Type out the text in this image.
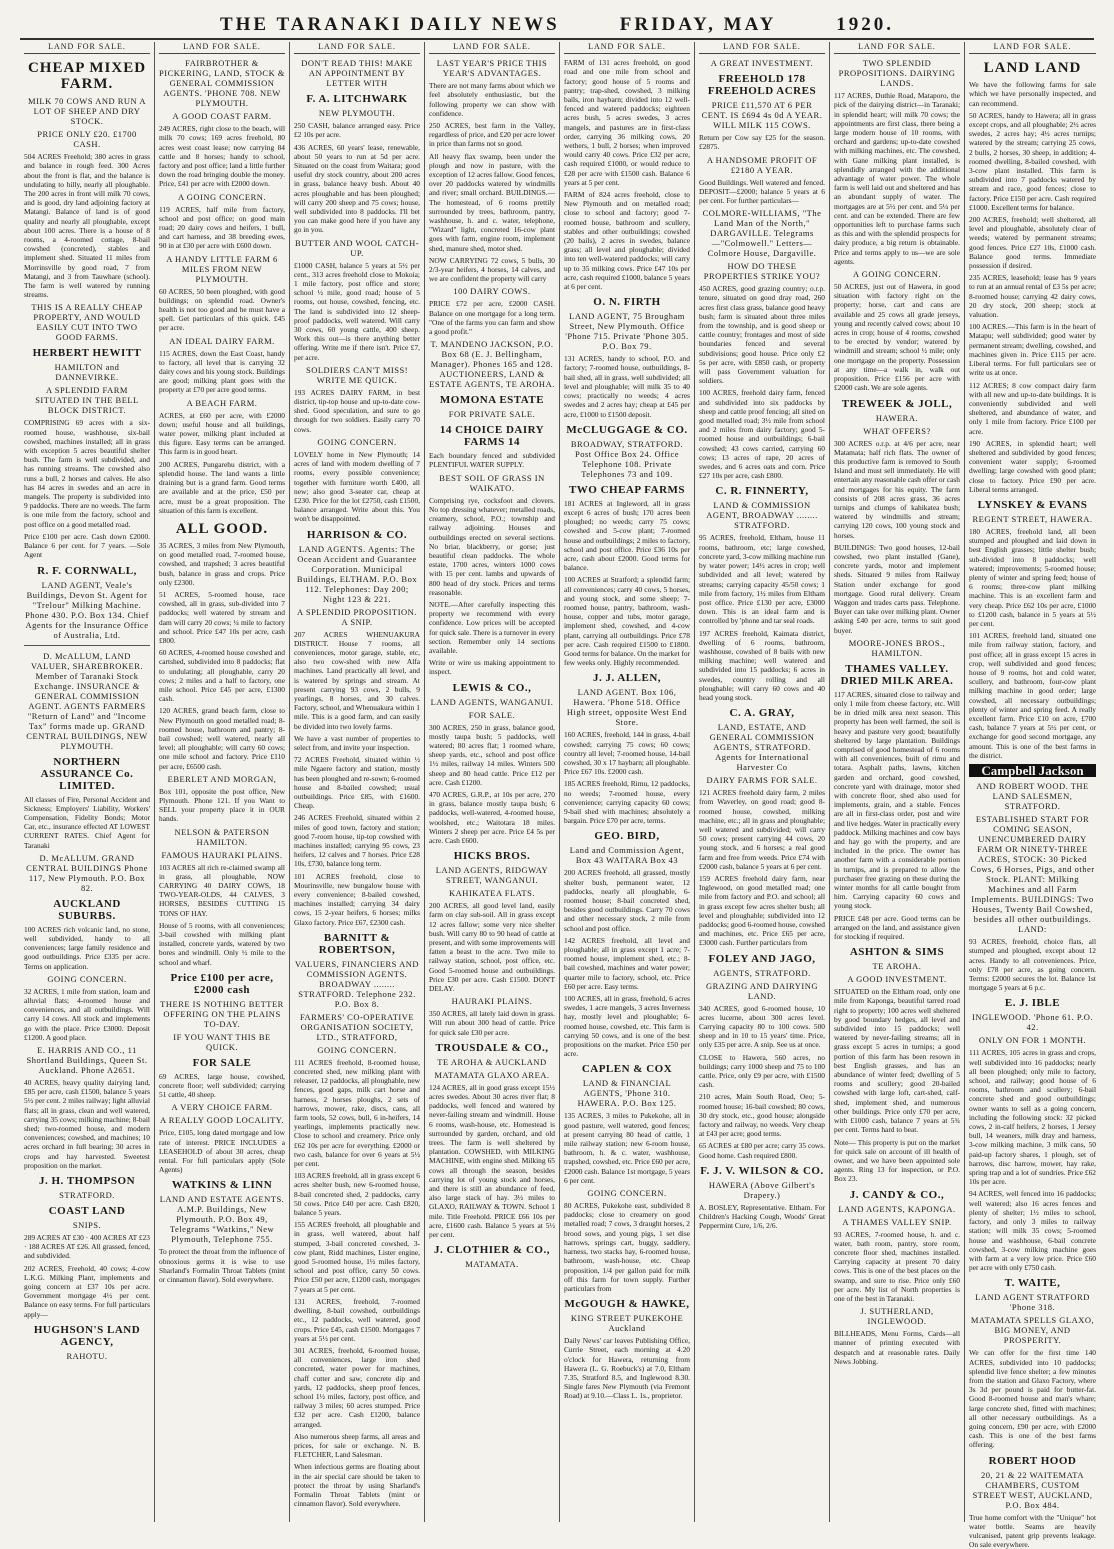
THE TARANAKI DAILY NEWS	FRIDAY, MAY	1920.
LAND FOR SALE.
CHEAP MIXED FARM.
MILK 70 COWS AND RUN A LOT OF SHEEP AND DRY STOCK.
PRICE ONLY £20. £1700 CASH.
504 ACRES Freehold; 380 acres in grass and balance in rough feed. 300 Acres about the front is flat, and the balance is undulating to hilly, nearly all ploughable. The 200 acres in front will milk 70 cows, and is good, dry land adjoining factory at Matangi. Balance of land is of good quality and nearly all ploughable, except about 100 acres. There is a house of 8 rooms, a 4-roomed cottage, 8-bail cowshed (concreted), stables and implement shed. Situated 11 miles from Morrinsville by good road, 7 from Matangi, and 3 from Tauwhare (school). The farm is well watered by running streams.
THIS IS A REALLY CHEAP PROPERTY, AND WOULD EASILY CUT INTO TWO GOOD FARMS.
HERBERT HEWITT
HAMILTON and DANNEVIRKE.
A SPLENDID FARM SITUATED IN THE BELL BLOCK DISTRICT.
COMPRISING 69 acres with a six-roomed house, washhouse, six-bail cowshed, machines installed; all in grass with exception 5 acres beautiful shelter bush. The farm is well subdivided, and has running streams. The cowshed also runs a bull, 2 horses and calves. He also has 84 acres in swedes and an acre in mangels. The property is subdivided into 9 paddocks. There are no weeds. The farm is one mile from the factory, school and post office on a good metalled road.
Price £100 per acre. Cash down £2000. Balance 6 per cent. for 7 years. —Sole Agent
R. F. CORNWALL,
LAND AGENT, Veale's Buildings, Devon St. Agent for "Trelour" Milking Machine. Phone 430. P.O. Box 134. Chief Agents for the Insurance Office of Australia, Ltd.
D. McALLUM, LAND VALUER, SHAREBROKER. Member of Taranaki Stock Exchange. INSURANCE & GENERAL COMMISSION AGENT. AGENTS FARMERS "Return of Land" and "Income Tax" forms made up. GRAND CENTRAL BUILDINGS, NEW PLYMOUTH.
NORTHERN ASSURANCE Co. LIMITED.
All classes of Fire, Personal Accident and Sickness; Employers' Liability, Workers' Compensation, Fidelity Bonds; Motor Car, etc., insurance effected AT LOWEST CURRENT RATES. Chief Agent for Taranaki
D. McALLUM. GRAND CENTRAL BUILDINGS Phone 117, New Plymouth. P.O. Box 82.
AUCKLAND SUBURBS.
100 ACRES rich volcanic land, no stone, well subdivided, handy to all conveniences; large family residence and good outbuildings. Price £335 per acre. Terms on application.
GOING CONCERN.
32 ACRES, 1 mile from station, loam and alluvial flats; 4-roomed house and conveniences, and all outbuildings. Will carry 14 cows. All stock and implements go with the place. Price £3000. Deposit £1200. A good place.
E. HARRIS AND CO., 11 Shortland Buildings, Queen St. Auckland. Phone A2651.
40 ACRES, heavy quality dairying land, £85 per acre, cash £1500, balance 5 years 5½ per cent. 2 miles railway; light alluvial flats; all in grass, clean and well watered, carrying 35 cows; milking machine; 8-bail shed; two-roomed house, and modern conveniences; cowshed, and machines; 10 acres orchard in full bearing; 30 acres in crops and hay harvested. Sweetest proposition on the market.
J. H. THOMPSON
STRATFORD.
COAST LAND
SNIPS.
289 ACRES AT £30 · 400 ACRES AT £23 · 188 ACRES AT £26. All grassed, fenced, and subdivided.
202 ACRES, Freehold, 40 cows; 4-cow L.K.G. Milking Plant, implements and going concern at £37 10s per acre. Government mortgage 4½ per cent. Balance on easy terms. For full particulars apply—
HUGHSON'S LAND AGENCY,
RAHOTU.
LAND FOR SALE.
FAIRBROTHER & PICKERING, LAND, STOCK & GENERAL COMMISSION AGENTS. 'PHONE 708. NEW PLYMOUTH.
A GOOD COAST FARM.
249 ACRES, right close to the beach, will milk 70 cows; 169 acres freehold, 80 acres west coast lease; now carrying 84 cattle and 8 horses; handy to school, factory and post office; land a little further down the road bringing double the money. Price, £41 per acre with £2000 down.
A GOING CONCERN.
119 ACRES, half mile from factory, school and post office; on good main road; 20 dairy cows and heifers, 1 bull, and cart harness, and 38 breeding ewes, 90 in at £30 per acre with £600 down.
A HANDY LITTLE FARM 6 MILES FROM NEW PLYMOUTH.
60 ACRES, 50 been ploughed, with good buildings; on splendid road. Owner's health is not too good and he must have a spell. Get particulars of this quick. £45 per acre.
AN IDEAL DAIRY FARM.
115 ACRES, down the East Coast, handy to factory, all level that is carrying 32 dairy cows and his young stock. Buildings are good; milking plant goes with the property at £70 per acre good terms.
A BEACH FARM.
ACRES, at £60 per acre, with £2000 down; useful house and all buildings, water power, milking plant included at this figure. Easy terms can be arranged. This farm is in good heart.
200 ACRES, Pungarehu district, with a splendid house. The land wants a little draining but is a grand farm. Good terms are available and at the price, £50 per acre, must be a great proposition. The situation of this farm is excellent.
ALL GOOD.
35 ACRES, 3 miles from New Plymouth, on good metalled road, 7-roomed house, cowshed, and trapshed; 3 acres beautiful bush, balance in grass and crops. Price only £2300.
51 ACRES, 5-roomed house, race cowshed, all in grass, sub-divided into 7 paddocks; well watered by stream and dam will carry 20 cows; ¼ mile to factory and school. Price £47 10s per acre, cash £800.
60 ACRES, 4-roomed house cowshed and cartshed, subdivided into 8 paddocks; flat to undulating; all ploughable, carry 20 cows; 2 miles and a half to factory, one mile school. Price £45 per acre, £1300 cash.
120 ACRES, grand beach farm, close to New Plymouth on good metalled road; 8-roomed house, bathroom and pantry; 8-bail cowshed; well watered, nearly all level; all ploughable; will carry 60 cows; one mile school and factory. Price £110 per acre, £6500 cash.
EBERLET AND MORGAN,
Box 101, opposite the post office, New Plymouth. Phone 121. If you Want to SELL your property place it in OUR hands.
NELSON & PATERSON HAMILTON.
FAMOUS HAURAKI PLAINS.
103 ACRES all rich re-claimed swamp all in grass, all ploughable, NOW CARRYING 40 DAIRY COWS, 18 TWO-YEAR-OLDS, 44 CALVES, 3 HORSES, BESIDES CUTTING 15 TONS OF HAY.
House of 5 rooms, with all conveniences; 3-bail cowshed with milking plant installed, concrete yards, watered by two bores and windmill. Only ½ mile to the school and wharf.
Price £100 per acre, £2000 cash
THERE IS NOTHING BETTER OFFERING ON THE PLAINS TO-DAY.
IF YOU WANT THIS BE QUICK.
FOR SALE
69 ACRES, large house, cowshed, concrete floor; well subdivided; carrying 51 cattle, 40 sheep.
A VERY CHOICE FARM.
A REALLY GOOD LOCALITY.
Price, £105, long dated mortgage and low rate of interest. PRICE INCLUDES a LEASEHOLD of about 30 acres, cheap rental. For full particulars apply (Sole Agents)
WATKINS & LINN
LAND AND ESTATE AGENTS. A.M.P. Buildings, New Plymouth. P.O. Box 49, Telegrams "Watkins," New Plymouth, Telephone 755.
To protect the throat from the influence of obnoxious germs it is wise to use Sharland's Formalin Throat Tablets (mint or cinnamon flavor). Sold everywhere.
LAND FOR SALE.
DON'T READ THIS! MAKE AN APPOINTMENT BY LETTER WITH
F. A. LITCHWARK
NEW PLYMOUTH.
250 CASH, balance arranged easy. Price £2 10s per acre.
436 ACRES, 60 years' lease, renewable, about 50 years to run at 5d per acre. Situated on the coast from Waitara; good useful dry stock country, about 200 acres in grass, balance heavy bush. About 40 acres ploughable and has been ploughed; will carry 200 sheep and 75 cows; house, well subdivided into 8 paddocks. I'll bet you can make good here if you have any go in you.
BUTTER AND WOOL CATCH-UP.
£1000 CASH, balance 5 years at 5½ per cent., 313 acres freehold close to Mokoia; 1 mile factory, post office and store; school ½ mile, good road; house of 5 rooms, out house, cowshed, fencing, etc. The land is subdivided into 12 sheep-proof paddocks, well watered. Will carry 30 cows, 60 young cattle, 400 sheep. Work this out—is there anything better offering. Write me if there isn't. Price £7, per acre.
SOLDIERS CAN'T MISS! WRITE ME QUICK.
193 ACRES DAIRY FARM, in best district, tip-top house and up-to-date cow-shed. Good speculation, and sure to go through for two soldiers. Easily carry 70 cows.
GOING CONCERN.
LOVELY home in New Plymouth; 14 acres of land with modern dwelling of 7 rooms, every possible convenience; together with furniture worth £400, all new; also good 3-seater car, cheap at £230. Price for the lot £2750, cash £1500, balance arranged. Write about this. You won't be disappointed.
HARRISON & CO.
LAND AGENTS. Agents: The Ocean Accident and Guarantee Corporation. Municipal Buildings, ELTHAM. P.O. Box 112. Telephones: Day 200; Night 123 & 221.
A SPLENDID PROPOSITION. A SNIP.
207 ACRES WHENUAKURA DISTRICT. House 7 rooms, all conveniences, motor garage, stable, etc, also two cow-shed with new Alfa machines. Land practically all level, and is watered by springs and stream. At present carrying 93 cows, 2 bulls, 9 yearlings, 8 horses, and 30 calves. Factory, school, and Whenuakura within 1 mile. This is a good farm, and can easily be divided into two lovely farms.
We have a vast number of properties to select from, and invite your inspection.
72 ACRES Freehold, situated within ½ mile Ngaere factory and station, mostly has been ploughed and re-sown; 6-roomed house and 8-bailed cowshed; usual outbuildings. Price £85, with £1600. Cheap.
246 ACRES Freehold, situated within 2 miles of good town, factory and station; good 7-room house, tip-top cowshed with machines installed; carrying 95 cows, 23 heifers, 12 calves and 7 horses. Price £28 10s, £730, balance long term.
101 ACRES freehold, close to Mourinsville, new bungalow house with every convenience; 8-bailed cowshed, machines installed; carrying 34 dairy cows, 15 2-year heifers, 6 horses; milks Glaxo factory. Price £67, £2300 cash.
BARNITT & ROBERTSON,
VALUERS, FINANCIERS AND COMMISSION AGENTS. BROADWAY ........ STRATFORD. Telephone 232. P.O. Box 8.
FARMERS' CO-OPERATIVE ORGANISATION SOCIETY, LTD., STRATFORD,
GOING CONCERN.
111 ACRES freehold, 8-roomed house, concreted shed, new milking plant with releaser, 12 paddocks, all ploughable, new fences, good gaps, milk cart horse and harness, 2 horses ploughs, 2 sets of harrows, mower, rake, discs, cans, all farm tools, 52 cows, bull, 6 in-heifers, 14 yearlings, implements practically new. Close to school and creamery. Price only £62 10s per acre for everything. £2000 or two cash, balance for over 6 years at 5½ per cent.
103 ACRES freehold, all in grass except 6 acres shelter bush, new 6-roomed house, 8-bail concreted shed, 2 paddocks, carry 50 cows. Price £40 per acre. Cash £820, balance 5 years.
155 ACRES freehold, all ploughable and in grass, well watered, about half stumped, 3-bail concreted cowshed, 3-cow plant, Ridd machines, Lister engine, good 5-roomed house, 1½ miles factory, school and post office, carry 50 cows. Price £50 per acre, £1200 cash, mortgages 7 years at 5 per cent.
131 ACRES, freehold, 7-roomed dwelling, 8-bail cowshed, outbuildings etc., 12 paddocks, well watered, good crops. Price £45, cash £1500. Mortgages 7 years at 5½ per cent.
301 ACRES, freehold, 6-roomed house, all conveniences, large iron shed concreted, water power for machines, chaff cutter and saw, concrete dip and yards, 12 paddocks, sheep proof fences, school 1½ miles, factory, post office, and railway 3 miles; 60 acres stumped. Price £32 per acre. Cash £1200, balance arranged.
Also numerous sheep farms, all areas and prices, for sale or exchange. N. B. FLETCHER, Land Salesman.
When infectious germs are floating about in the air special care should be taken to protect the throat by using Sharland's Formalin Throat Tablets (mint or cinnamon flavor). Sold everywhere.
LAND FOR SALE.
LAST YEAR'S PRICE THIS YEAR'S ADVANTAGES.
There are not many farms about which we feel absolutely enthusiastic, but the following property we can show with confidence.
250 ACRES, best farm in the Valley, regardless of price, and £20 per acre lower in price than farms not so good.
All heavy flax swamp, been under the plough and now in pasture, with the exception of 12 acres fallow. Good fences, over 20 paddocks watered by windmills and river; small orchard. BUILDINGS.—The homestead, of 6 rooms prettily surrounded by trees, bathroom, pantry, washhouse, h. and c. water, telephone, "Wizard" light, concreted 16-cow plant goes with farm, engine room, implement shed, manure shed, motor shed.
NOW CARRYING 72 cows, 5 bulls, 30 2/3-year heifers, 4 horses, 14 calves, and we are confident the property will carry
100 DAIRY COWS.
PRICE £72 per acre, £2000 CASH. Balance on one mortgage for a long term. "One of the farms you can farm and show a good profit."
T. MANDENO JACKSON, P.O. Box 68 (E. J. Bellingham, Manager). Phones 165 and 128. AUCTIONEERS, LAND & ESTATE AGENTS, TE AROHA.
MOMONA ESTATE
FOR PRIVATE SALE.
14 CHOICE DAIRY FARMS 14
Each boundary fenced and subdivided PLENTIFUL WATER SUPPLY.
BEST SOIL OF GRASS IN WAIKATO.
Comprising rye, cocksfoot and clovers. No top dressing whatever; metalled roads, creamery, school, P.O.; township and railway adjoining. Houses and outbuildings erected on several sections. No briar, blackberry, or gorse; just beautiful clean paddocks. The whole estate, 1700 acres, winters 1000 cows with 15 per cent. lambs and upwards of 800 head of dry stock. Prices and terms reasonable.
NOTE.—After carefully inspecting this property we recommend with every confidence. Low prices will be accepted for quick sale. There is a turnover in every section. Remember only 14 sections available.
Write or wire us making appointment to inspect.
LEWIS & CO.,
LAND AGENTS, WANGANUI.
FOR SALE.
300 ACRES, 250 in grass, balance good, mostly taupa bush; 5 paddocks, well watered; 80 acres flat; 1 roomed whare, sheep yards, etc., school and post office 1½ miles, railway 14 miles. Winters 500 sheep and 80 head cattle. Price £12 per acre. Cash £1200.
470 ACRES, G.R.P., at 10s per acre, 270 in grass, balance mostly taupa bush; 6 paddocks, well-watered, 4-roomed house, woolshed, etc.; Waitotara 18 miles. Winters 2 sheep per acre. Price £4 5s per acre. Cash £600.
HICKS BROS.
LAND AGENTS, RIDGWAY STREET, WANGANUI.
KAHIKATEA FLATS.
200 ACRES, all good level land, easily farm on clay sub-soil. All in grass except 12 acres fallow; some very nice shelter bush. Will carry 80 to 90 head of cattle at present, and with some improvements will fatten a beast to the acre. Two mile to railway station, school, post office, etc. Good 5-roomed house and outbuildings. Price £30 per acre. Cash £1500. DON'T DELAY.
HAURAKI PLAINS.
350 ACRES, all lately laid down in grass. Will run about 300 head of cattle. Price for quick sale £30 per acre.
TROUSDALE & CO.,
TE AROHA & AUCKLAND
MATAMATA GLAXO AREA.
124 ACRES, all in good grass except 15½ acres swedes. About 30 acres river flat; 8 paddocks, well fenced and watered by never-failing stream and windmill. House 6 rooms, wash-house, etc. Homestead is surrounded by garden, orchard, and old trees. The farm is well sheltered by plantation. COWSHED, with MILKING MACHINE, with engine shed. Milking 65 cows all through the season, besides carrying lot of young stock and horses, and there is still an abundance of feed, also large stack of hay. 3½ miles to GLAXO, RAILWAY & TOWN. School 1 mile. Title Freehold. PRICE £66 10s per acre, £1600 cash. Balance 5 years at 5½ per cent.
J. CLOTHIER & CO.,
MATAMATA.
LAND FOR SALE.
FARM of 131 acres freehold, on good road and one mile from school and factory; good house of 5 rooms and pantry; trap-shed, cowshed, 3 milking bails, iron haybarn; divided into 12 well-fenced and watered paddocks; eighteen acres bush, 5 acres swedes, 3 acres mangels, and pastures are in first-class order, carrying 36 milking cows, 20 wethers, 1 bull, 2 horses; when improved would carry 40 cows. Price £32 per acre, cash required £1000, or would reduce to £28 per acre with £1500 cash. Balance 6 years at 5 per cent.
FARM of 824 acres freehold, close to New Plymouth and on metalled road; close to school and factory; good 7-roomed house, bathroom and scullery, stables and other outbuildings; cowshed (20 bails), 2 acres in swedes, balance grass; all level and ploughable; divided into ten well-watered paddocks; will carry up to 35 milking cows. Price £47 10s per acre, cash required £1000, balance 5 years at 6 per cent.
O. N. FIRTH
LAND AGENT, 75 Brougham Street, New Plymouth. Office 'Phone 715. Private 'Phone 305. P.O. Box 79.
131 ACRES, handy to school, P.O. and factory; 7-roomed house, outbuildings, 8-bail shed, all in grass, well subdivided; all level and ploughable; will milk 35 to 40 cows; practically no weeds; 4 acres swedes and 2 acres hay; cheap at £45 per acre, £1000 to £1500 deposit.
McCLUGGAGE & CO.
BROADWAY, STRATFORD. Post Office Box 24. Office Telephone 108. Private Telephones 73 and 109.
TWO CHEAP FARMS
181 ACRES at Ingleword, all in grass except 6 acres of bush; 170 acres been ploughed; no weeds; carry 75 cows; cowshed and 5-cow plant; 7-roomed house and outbuildings; 2 miles to factory, school and post office. Price £36 10s per acre, cash about £2000. Good terms for balance.
100 ACRES at Stratford; a splendid farm; all conveniences; carry 40 cows, 5 horses, and young stock, and some sheep; 7-roomed house, pantry, bathroom, wash-house, copper and tubs, motor garage, implement shed, cowshed, and 4-cow plant, carrying all outbuildings. Price £78 per acre. Cash required £1500 to £1800. Good terms for balance. On the market for few weeks only. Highly recommended.
J. J. ALLEN,
LAND AGENT. Box 106, Hawera. 'Phone 518. Office High street, opposite West End Store.
160 ACRES, freehold, 144 in grass, 4-bail cowshed; carrying 75 cows; 60 cows; country all level; 7-roomed house, 14-bail cowshed, 30 x 17 haybarn; all ploughable. Price £67 10s. £2000 cash.
185 ACRES freehold, Rimu, 12 paddocks, no weeds; 7-roomed house, every convenience; carrying capacity 60 cows; 9-bail shed with machines; absolutely a bargain. Price £70 per acre, terms.
GEO. BIRD,
Land and Commission Agent, Box 43 WAITARA Box 43
200 ACRES freehold, all grassed, mostly shelter bush, permanent water, 12 paddocks, nearly all ploughable, 6-roomed house; 8-bail concreted shed, besides good outbuildings. Carry 70 cows and other necessary stock, 2 mile from school and post office.
142 ACRES freehold, all level and ploughable; all in grass except 1 acre; 7-roomed house, implement shed, etc.; 8-bail cowshed, machines and water power; quarter mile to factory, school, etc. Price £60 per acre. Easy terms.
100 ACRES, all in grass, freehold, 6 acres swedes, 1 acre mangels, 3 acres Inverness hay, mostly level and ploughable; 6-roomed house, cowshed, etc. This farm is carrying 50 cows, and is one of the best propositions on the market. Price £50 per acre.
CAPLEN & COX
LAND & FINANCIAL AGENTS, 'Phone 310. HAWERA. P.O. Box 125.
135 ACRES, 3 miles to Pukekohe, all in good pasture, well watered, good fences; at present carrying 80 head of cattle, 1 mile railway station; new 6-room house, bathroom, h. & c. water, washhouse, trapshed, cowshed, etc. Price £60 per acre, £2000 cash. Balance 1st mortgage, 5 years 6 per cent.
GOING CONCERN.
80 ACRES, Pukekohe east, subdivided 8 paddocks; close to creamery on good metalled road; 7 cows, 3 draught horses, 2 brood sows, and young pigs, 1 set dise harrows, springs cart, buggy, saddlery, harness, two stacks hay, 6-roomed house, bathroom, wash-house, etc. Cheap proposition, 1/4 per gallon paid for milk off this farm for town supply. Further particulars from
McGOUGH & HAWKE,
KING STREET PUKEKOHE Auckland
Daily News' car leaves Publishing Office, Currie Street, each morning at 4.20 o'clock for Hawera, returning from Hawera (L. G. Roebuck's) at 7.0, Eltham 7.35, Stratford 8.5, and Inglewood 8.30. Single fares New Plymouth (via Fremont Road) at 9.10.—Class L. 1s., proprietor.
LAND FOR SALE.
A GREAT INVESTMENT.
FREEHOLD 178 FREEHOLD ACRES
PRICE £11,570 AT 6 PER CENT. IS £694 4s 0d A YEAR. WILL MILK 115 COWS.
Return per Cow say £25 for the season. £2875.
A HANDSOME PROFIT OF £2180 A YEAR.
Good Buildings. Well watered and fenced. DEPOSIT—£2000; balance 5 years at 6 per cent. For further particulars—
COLMORE-WILLIAMS, "The Land Man of the North," DARGAVILLE. Telegrams—"Colmowell." Letters—Colmore House, Dargaville.
HOW DO THESE PROPERTIES STRIKE YOU?
450 ACRES, good grazing country; o.r.p. tenure, situated on good dray road, 260 acres first class grass, balance good heavy bush; farm is situated about three miles from the township, and is good sheep or cattle country; frontages and most of side boundaries fenced and several subdivisions; good house. Price only £2 5s per acre, with £850 cash, or property will pass Government valuation for soldiers.
100 ACRES, freehold dairy farm, fenced and subdivided into six paddocks by sheep and cattle proof fencing; all sited on good metalled road; 3½ mile from school and 2 miles from dairy factory; good 5-roomed house and outbuildings; 6-bail cowshed; 43 cows carried, carrying 60 cows; 13 acres of rape, 20 acres of swedes, and 6 acres oats and corn. Price £27 10s per acre, cash £800.
C. R. FINNERTY,
LAND & COMMISSION AGENT, BROADWAY ........ STRATFORD.
95 ACRES, freehold, Eltham, house 11 rooms, bathroom, etc; large cowshed, concrete yard, 3-cow milking machine run by water power; 14½ acres in crop; well subdivided and all level; watered by streams; carrying capacity 45/50 cows; 1 mile from factory, 1½ miles from Eltham post office. Price £130 per acre, £3000 down. This is an ideal farm and is controlled by 'phone and tar seal roads.
197 ACRES freehold, Kaimata district, dwelling of 6 rooms, bathroom, washhouse, cowshed of 8 bails with new milking machine; well watered and subdivided into 15 paddocks; 6 acres in swedes, country rolling and all ploughable; will carry 60 cows and 40 head young stock.
C. A. GRAY,
LAND, ESTATE, AND GENERAL COMMISSION AGENTS, STRATFORD. Agents for International Harvester Co
DAIRY FARMS FOR SALE.
121 ACRES freehold dairy farm, 2 miles from Waverley, on good road; good 8-roomed house, cowshed, milking machine, etc.; all in grass and ploughable; well watered and subdivided; will carry 50 cows; present carrying 44 cows, 20 young stock, and 6 horses; a real good farm and free from weeds. Price £74 with £2000 cash, balance 5 years at 6 per cent.
159 ACRES freehold dairy farm, near Inglewood, on good metalled road; one mile from factory and P.O. and school; all in grass except few acres shelter bush; all level and ploughable; subdivided into 12 paddocks; good 6-roomed house, cowshed and machines, etc. Price £65 per acre, £3000 cash. Further particulars from
FOLEY AND JAGO,
AGENTS, STRATFORD.
GRAZING AND DAIRYING LAND.
340 ACRES, good 6-roomed house, 10 acres lucerne, about 300 acres level. Carrying capacity 80 to 100 cows. 500 sheep and in 10 to 15 years' time. Price, only £35 per acre. A snip. See us at once.
CLOSE to Hawera, 560 acres, no buildings; carry 1000 sheep and 75 to 100 cattle. Price, only £9 per acre, with £1500 cash.
210 acres, Main South Road, Oeo; 5-roomed house; 16-bail cowshed; 80 cows, 30 dry stock, etc., good house; alongside factory and railway, no weeds. Very cheap at £43 per acre; good terms.
65 ACRES at £80 per acre; carry 35 cows. Good home. Cash required £800.
F. J. V. WILSON & CO.
HAWERA (Above Gilbert's Drapery.)
A. BOSLEY, Representative. Eltham. For Children's Hacking Cough, Woods' Great Peppermint Cure, 1/6, 2/6.
LAND FOR SALE.
TWO SPLENDID PROPOSITIONS. DAIRYING LANDS.
117 ACRES, Duthie Road, Mataporo, the pick of the dairying district—in Taranaki; in splendid heart; will milk 70 cows; the appointments are first class, there being a large modern house of 10 rooms, with orchard and gardens; up-to-date cowshed with milking machines, etc. The cowshed, with Gane milking plant installed, is splendidly arranged with the additional advantage of water power. The whole farm is well laid out and sheltered and has an abundant supply of water. The mortgages are at 5½ per cent. and 5¼ per cent. and can be extended. There are few opportunities left to purchase farms such as this and with the splendid prospects for dairy produce, a big return is obtainable. Price and terms apply to us—we are sole agents.
A GOING CONCERN.
50 ACRES, just out of Hawera, in good situation with factory right on the property; horse, cart and cans are available and 25 cows all grade jerseys, young and recently calved cows; about 10 acres in crop; house of 4 rooms, cowshed to be erected by vendor; watered by windmill and stream; school ½ mile; only one mortgage on the property. Possession at any time—a walk in, walk out proposition. Price £156 per acre with £2000 cash. We are sole agents.
TREWEEK & JOLL,
HAWERA.
WHAT OFFERS?
300 ACRES o.r.p. at 4/6 per acre, near Matamata; half rich flats. The owner of this productive farm is removed to South Island and must sell immediately. He will entertain any reasonable cash offer or cash and mortgages for his equity. The farm consists of 208 acres grass, 36 acres turnips and clumps of kahikatea bush; watered by windmills and stream; carrying 120 cows, 100 young stock and horses.
BUILDINGS: Two good houses, 12-bail cowshed, two plant installed (Gane), concrete yards, motor and implement sheds. Situated 9 miles from Railway Station under exchange for good mortgage. Good rural delivery. Cream Waggon and trades carts pass. Telephone. Buyer can take over milking plant. Owner asking £40 per acre, terms to suit good buyer.
MOORE-JONES BROS., HAMILTON.
THAMES VALLEY. DRIED MILK AREA.
117 ACRES, situated close to railway and only 1 mile from cheese factory, etc. Will be in dried milk area next season. This property has been well farmed, the soil is heavy and pasture very good; beautifully sheltered by large plantation. Buildings comprised of good homestead of 6 rooms with all conveniences, built of rimu and totara. Asphalt paths, lawns, kitchen garden and orchard, good cowshed, concrete yard with drainage, motor shed with concrete floor, shed also used for implements, grain, and a stable. Fences are all in first-class order, post and wire and live hedges. Water in practically every paddock. Milking machines and cow bays and hay go with the property, and are included in the price. The owner has another farm with a considerable portion in turnips, and is prepared to allow the purchaser free grazing on these during the winter months for all cattle bought from him. Carrying capacity 60 cows and young stock.
PRICE £48 per acre. Good terms can be arranged on the land, and assistance given for stocking if required.
ASHTON & SIMS
TE AROHA.
A GOOD INVESTMENT.
SITUATED on the Eltham road, only one mile from Kaponga, beautiful tarred road right to property; 100 acres well sheltered by good boundary hedges, all level and subdivided into 15 paddocks; well watered by never-failing streams; all in grass except 5 acres in turnips; a good portion of this farm has been resown in best English grasses, and has an abundance of winter feed; dwelling of 5 rooms and scullery; good 20-bailed cowshed with large loft, cart-shed, calf-shed, implement shed, and numerous other buildings. Price only £70 per acre, with £1000 cash, balance 7 years at 5¾ per cent. Terms hard to beat.
Note— This property is put on the market for quick sale on account of ill health of owner, and we have been appointed sole agents. Ring 13 for inspection, or P.O. Box 23.
J. CANDY & CO.,
LAND AGENTS, KAPONGA.
A THAMES VALLEY SNIP.
93 ACRES, 7-roomed house, h. and c. water, bath room, pantry, store room, concrete floor shed, machines installed. Carrying capacity at present 70 dairy cows. This is one of the best places on the swamp, and sure to rise. Price only £60 per acre. My list of North properties is one of the best in Taranaki.
J. SUTHERLAND, INGLEWOOD.
BILLHEADS, Menu Forms, Cards—all manner of printing executed with despatch and at reasonable rates. Daily News Jobbing.
LAND FOR SALE.
LAND LAND
We have the following farms for sale which we have personally inspected, and can recommend.
50 ACRES, handy to Hawera; all in grass except crops, and all ploughable; 2½ acres swedes, 2 acres hay; 4½ acres turnips; watered by the stream; carrying 25 cows, 2 bulls, 2 horses, 30 sheep, in addition; 4-roomed dwelling, 8-bailed cowshed, with 3-cow plant installed. This farm is subdivided into 7 paddocks watered by stream and race, good fences; close to factory. Price £150 per acre. Cash required £1000. Excellent terms for balance.
200 ACRES, freehold; well sheltered, all level and ploughable, absolutely clear of weeds; watered by permanent streams; good fences. Price £27 10s, £1000 cash. Balance good terms. Immediate possession if desired.
235 ACRES, leasehold; lease has 9 years to run at an annual rental of £3 5s per acre; 8-roomed house; carrying 42 dairy cows, 20 dry stock, 200 sheep; stock at valuation.
100 ACRES.—This farm is in the heart of Matapu; well subdivided; good water by permanent stream; dwelling, cowshed, and machines given in. Price £115 per acre. Liberal terms. For full particulars see or write us at once.
112 ACRES; 8 cow compact dairy farm with all new and up-to-date buildings. It is conveniently subdivided and well sheltered, and abundance of water, and only 1 mile from factory. Price £100 per acre.
190 ACRES, in splendid heart; well sheltered and subdivided by good fences; convenient water supply; 6-roomed dwelling; large cowshed with good plant; close to factory. Price £90 per acre. Liberal terms arranged.
LYNSKEY & EVANS
REGENT STREET, HAWERA.
180 ACRES, freehold land, all been stumped and ploughed and laid down in best English grasses; little shelter bush; sub-divided into 8 paddocks; well watered; improvements; 5-roomed house; plenty of winter and spring feed; house of 6 rooms; three-cow plant milking machine. This is an excellent farm and very cheap. Price £62 10s per acre, £1000 to £1200 cash, balance in 5 years at 5½ per cent.
101 ACRES, freehold land, situated one mile from railway station, factory, and post office; all in grass except 15 acres in crop, well subdivided and good fences; house of 9 rooms, hot and cold water, scullery, and bathroom, four-cow plant milking machine in good order; large cowshed, all necessary outbuildings; plenty of winter and spring feed. A really excellent farm. Price £10 on acre, £700 cash, balance 7 years at 5½ per cent, or exchange for good second mortgage, any amount. This is one of the best farms in the district.
Campbell Jackson
AND ROBERT WOOD. THE LAND SALESMEN, STRATFORD.
ESTABLISHED START FOR COMING SEASON, UNENCUMBERED DAIRY FARM OR NINETY-THREE ACRES, STOCK: 30 Picked Cows, 6 Horses, Pigs, and other Stock. PLANT: Milking Machines and all Farm Implements. BUILDINGS: Two Houses, Twenty Bail Cowshed, besides all other outbuildings. LAND:
93 ACRES, freehold, choice flats, all stumped and ploughed, except about 12 acres. Handy to all conveniences. Price, only £78 per acre, as going concern. Terms: £2000 secures the lot. Balance 1st mortgage 5 years at 6 p.c.
E. J. IBLE
INGLEWOOD. 'Phone 61. P.O. 42.
ONLY ON FOR 1 MONTH.
111 ACRES, 105 acres in grass and crops, well subdivided into 16 paddocks; nearly all been ploughed; only mile to factory, school, and railway; good house of 6 rooms, bathroom and scullery; 6-bail concrete shed and good outbuildings; owner wants to sell as a going concern, including the following stock: 32 picked cows, 2 in-calf heifers, 2 horses, 1 Jersey bull, 14 weaners, milk dray and harness, 3-cow milking machine, 3 milk cans, 50 paid-up factory shares, 1 plough, set of harrows, disc harrow, mower, hay rake, spring trap and a lot of sundries. Price £62 10s per acre.
94 ACRES, well fenced into 16 paddocks; well watered; also 16 acres fences and plenty of shelter; 1½ miles to school, factory, and only 3 miles to railway station; will milk 35 cows; 5-roomed house and washhouse, 6-bail concrete cowshed, 3-cow milking machine goes with farm at a very low price. Price £60 per acre with only £750 cash.
T. WAITE,
LAND AGENT STRATFORD 'Phone 318.
MATAMATA SPELLS GLAXO, BIG MONEY, AND PROSPERITY.
We can offer for the first time 140 ACRES, subdivided into 10 paddocks; splendid live fence shelter; a few minutes from the station and Glaxo Factory, where 3s 3d per pound is paid for butter-fat. Good 8-roomed house and man's whare; large concrete shed, fitted with machines; all other necessary outbuildings. As a going concern, £90 per acre, with £2000 cash. This is one of the best farms offering.
ROBERT HOOD
20, 21 & 22 WAITEMATA CHAMBERS, CUSTOM STREET WEST, AUCKLAND, P.O. Box 484.
True home comfort with the "Unique" hot water bottle. Seams are heavily vulcanised, patent grip prevents leakage. On sale everywhere.
